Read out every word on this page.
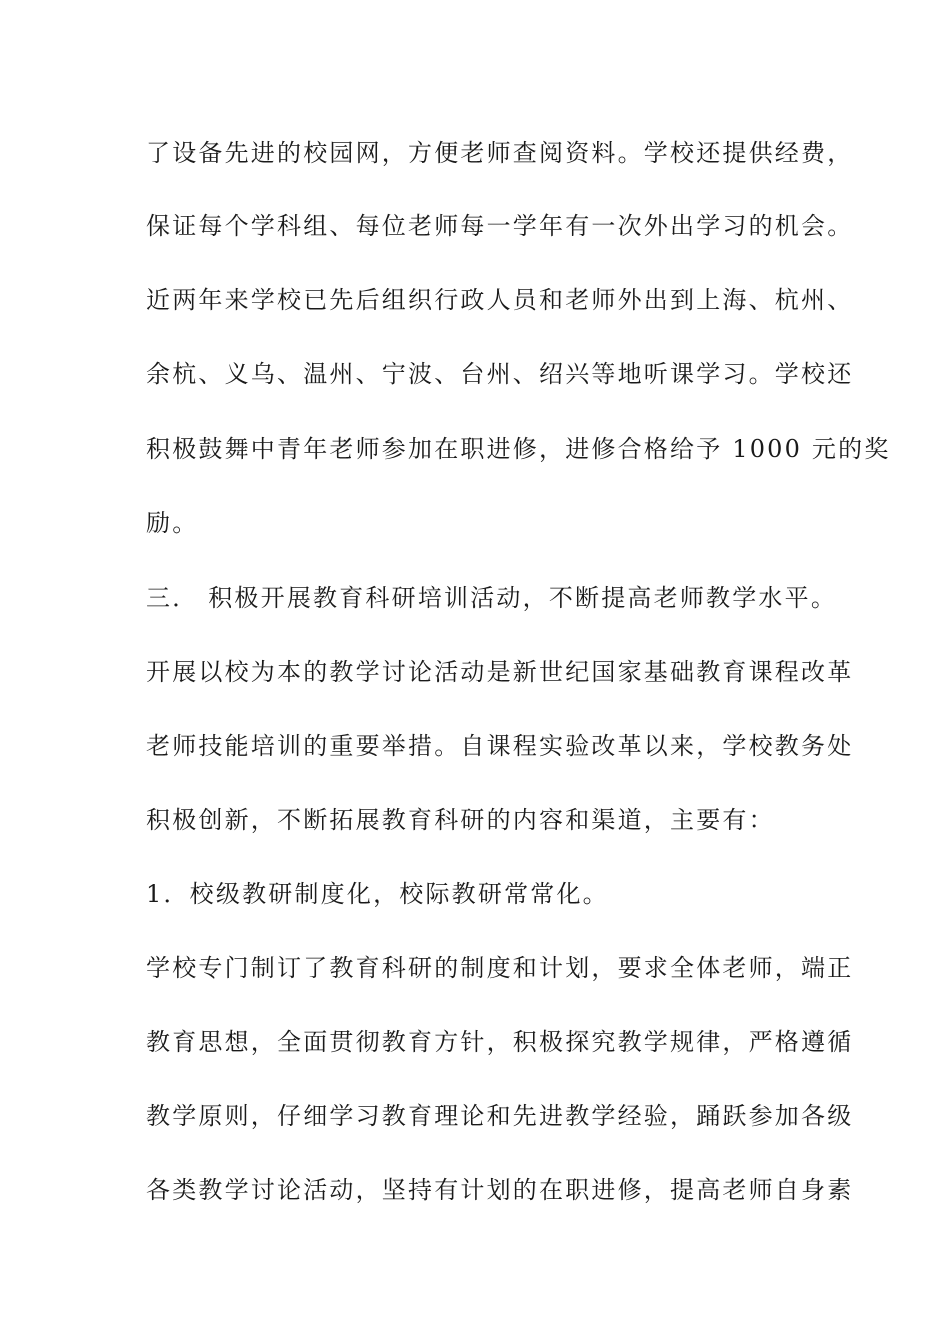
了设备先进的校园网，方便老师查阅资料。学校还提供经费，
保证每个学科组、每位老师每一学年有一次外出学习的机会。
近两年来学校已先后组织行政人员和老师外出到上海、杭州、
余杭、义乌、温州、宁波、台州、绍兴等地听课学习。学校还
积极鼓舞中青年老师参加在职进修，进修合格给予 1000 元的奖
励。
三． 积极开展教育科研培训活动，不断提高老师教学水平。
开展以校为本的教学讨论活动是新世纪国家基础教育课程改革
老师技能培训的重要举措。自课程实验改革以来，学校教务处
积极创新，不断拓展教育科研的内容和渠道，主要有：
1．校级教研制度化，校际教研常常化。
学校专门制订了教育科研的制度和计划，要求全体老师，端正
教育思想，全面贯彻教育方针，积极探究教学规律，严格遵循
教学原则，仔细学习教育理论和先进教学经验，踊跃参加各级
各类教学讨论活动，坚持有计划的在职进修，提高老师自身素
